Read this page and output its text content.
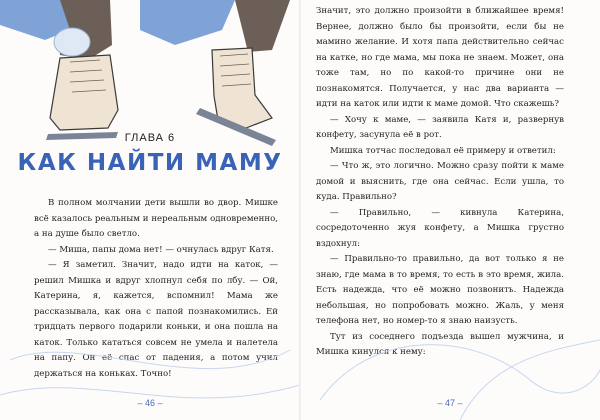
ГЛАВА 6
КАК НАЙТИ МАМУ

В полном молчании дети вышли во двор. Мишке всё казалось реальным и нереальным одновременно, а на душе было светло.

— Миша, папы дома нет! — очнулась вдруг Катя.

— Я заметил. Значит, надо идти на каток, — решил Мишка и вдруг хлопнул себя по лбу. — Ой, Катерина, я, кажется, вспомнил! Мама же рассказывала, как она с папой познакомились. Ей тридцать первого подарили коньки, и она пошла на каток. Только кататься совсем не умела и налетела на папу. Он её спас от падения, а потом учил держаться на коньках. Точно!

– 46 –

Значит, это должно произойти в ближайшее время! Вернее, должно было бы произойти, если бы не мамино желание. И хотя папа действительно сейчас на катке, но где мама, мы пока не знаем. Может, она тоже там, но по какой-то причине они не познакомятся. Получается, у нас два варианта — идти на каток или идти к маме домой. Что скажешь?

— Хочу к маме, — заявила Катя и, развернув конфету, засунула её в рот.

Мишка тотчас последовал её примеру и ответил:

— Что ж, это логично. Можно сразу пойти к маме домой и выяснить, где она сейчас. Если ушла, то куда. Правильно?

— Правильно, — кивнула Катерина, сосредоточенно жуя конфету, а Мишка грустно вздохнул:

— Правильно-то правильно, да вот только я не знаю, где мама в то время, то есть в это время, жила. Есть надежда, что её можно позвонить. Надежда небольшая, но попробовать можно. Жаль, у меня телефона нет, но номер-то я знаю наизусть.

Тут из соседнего подъезда вышел мужчина, и Мишка кинулся к нему:

– 47 –
